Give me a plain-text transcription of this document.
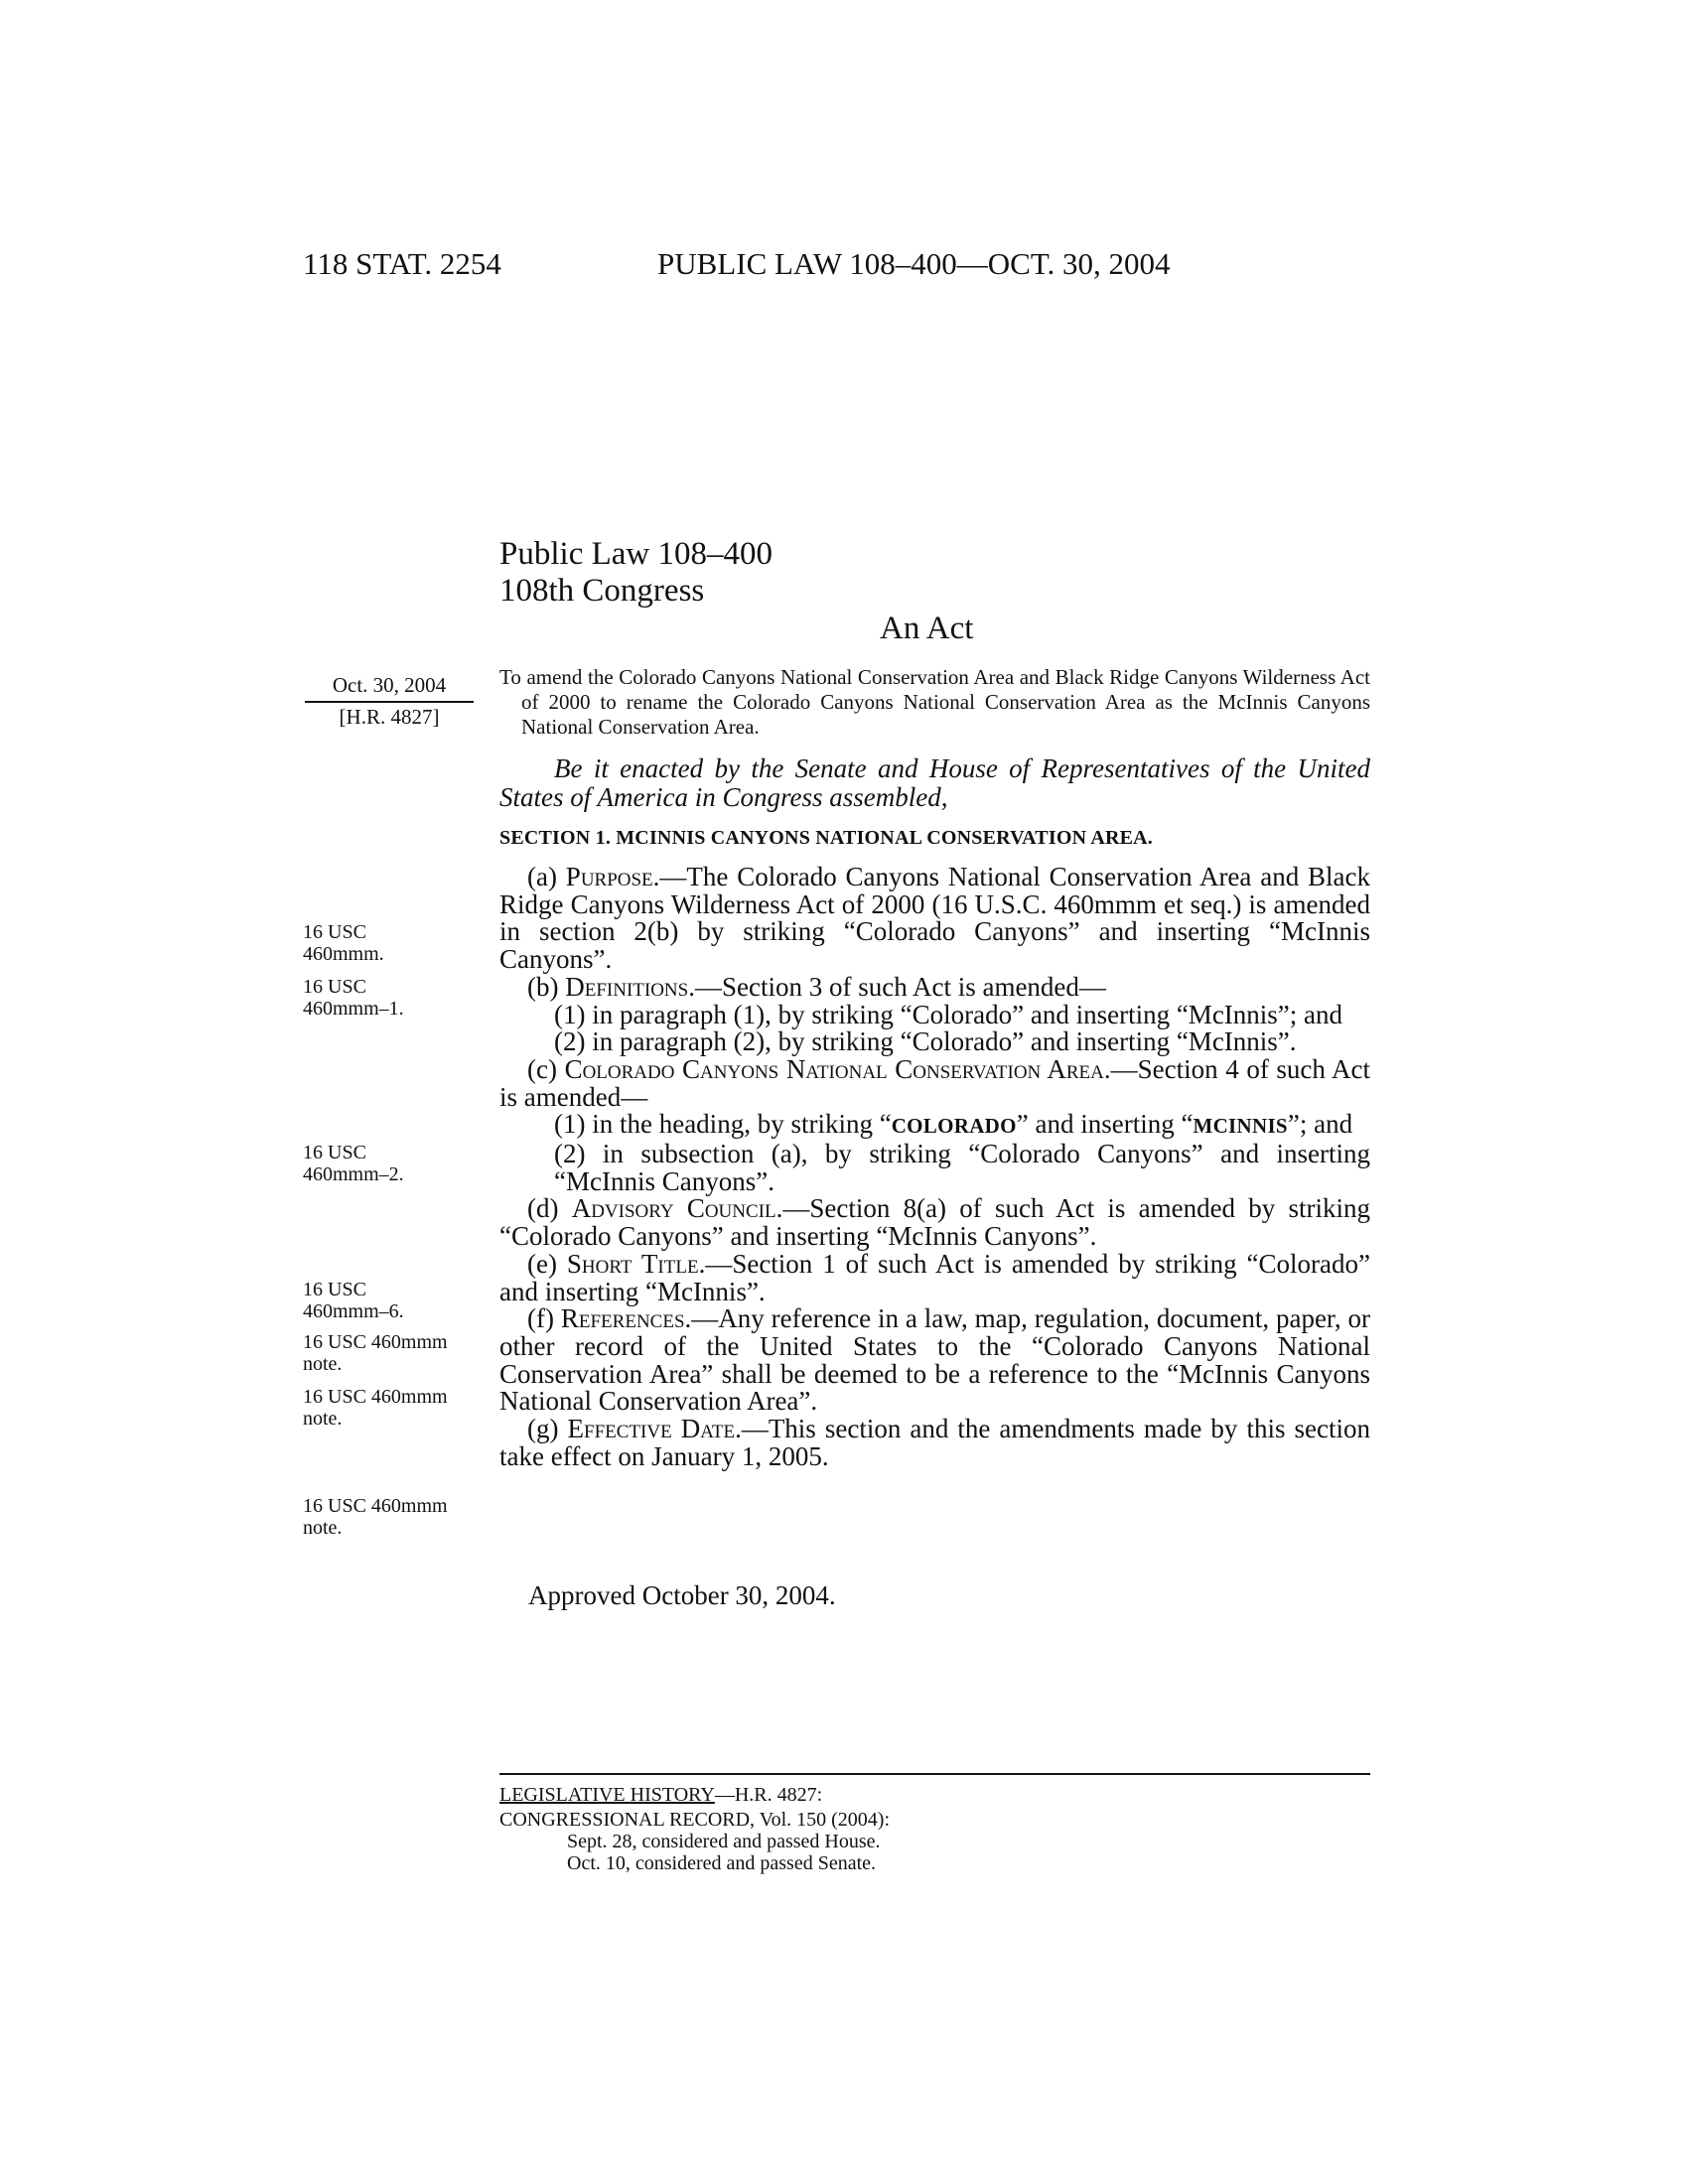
118 STAT. 2254	PUBLIC LAW 108–400—OCT. 30, 2004
Public Law 108–400
108th Congress
An Act
Oct. 30, 2004
[H.R. 4827]
To amend the Colorado Canyons National Conservation Area and Black Ridge Canyons Wilderness Act of 2000 to rename the Colorado Canyons National Conservation Area as the McInnis Canyons National Conservation Area.
Be it enacted by the Senate and House of Representatives of the United States of America in Congress assembled,
SECTION 1. MCINNIS CANYONS NATIONAL CONSERVATION AREA.
(a) Purpose.—The Colorado Canyons National Conservation Area and Black Ridge Canyons Wilderness Act of 2000 (16 U.S.C. 460mmm et seq.) is amended in section 2(b) by striking “Colorado Canyons” and inserting “McInnis Canyons”.
(b) Definitions.—Section 3 of such Act is amended—
(1) in paragraph (1), by striking “Colorado” and inserting “McInnis”; and
(2) in paragraph (2), by striking “Colorado” and inserting “McInnis”.
(c) Colorado Canyons National Conservation Area.—Section 4 of such Act is amended—
(1) in the heading, by striking “COLORADO” and inserting “MCINNIS”; and
(2) in subsection (a), by striking “Colorado Canyons” and inserting “McInnis Canyons”.
(d) Advisory Council.—Section 8(a) of such Act is amended by striking “Colorado Canyons” and inserting “McInnis Canyons”.
(e) Short Title.—Section 1 of such Act is amended by striking “Colorado” and inserting “McInnis”.
(f) References.—Any reference in a law, map, regulation, document, paper, or other record of the United States to the “Colorado Canyons National Conservation Area” shall be deemed to be a reference to the “McInnis Canyons National Conservation Area”.
(g) Effective Date.—This section and the amendments made by this section take effect on January 1, 2005.
16 USC
460mmm.
16 USC
460mmm–1.
16 USC
460mmm–2.
16 USC
460mmm–6.
16 USC 460mmm
note.
16 USC 460mmm
note.
16 USC 460mmm
note.
Approved October 30, 2004.
LEGISLATIVE HISTORY—H.R. 4827:
CONGRESSIONAL RECORD, Vol. 150 (2004):
Sept. 28, considered and passed House.
Oct. 10, considered and passed Senate.
